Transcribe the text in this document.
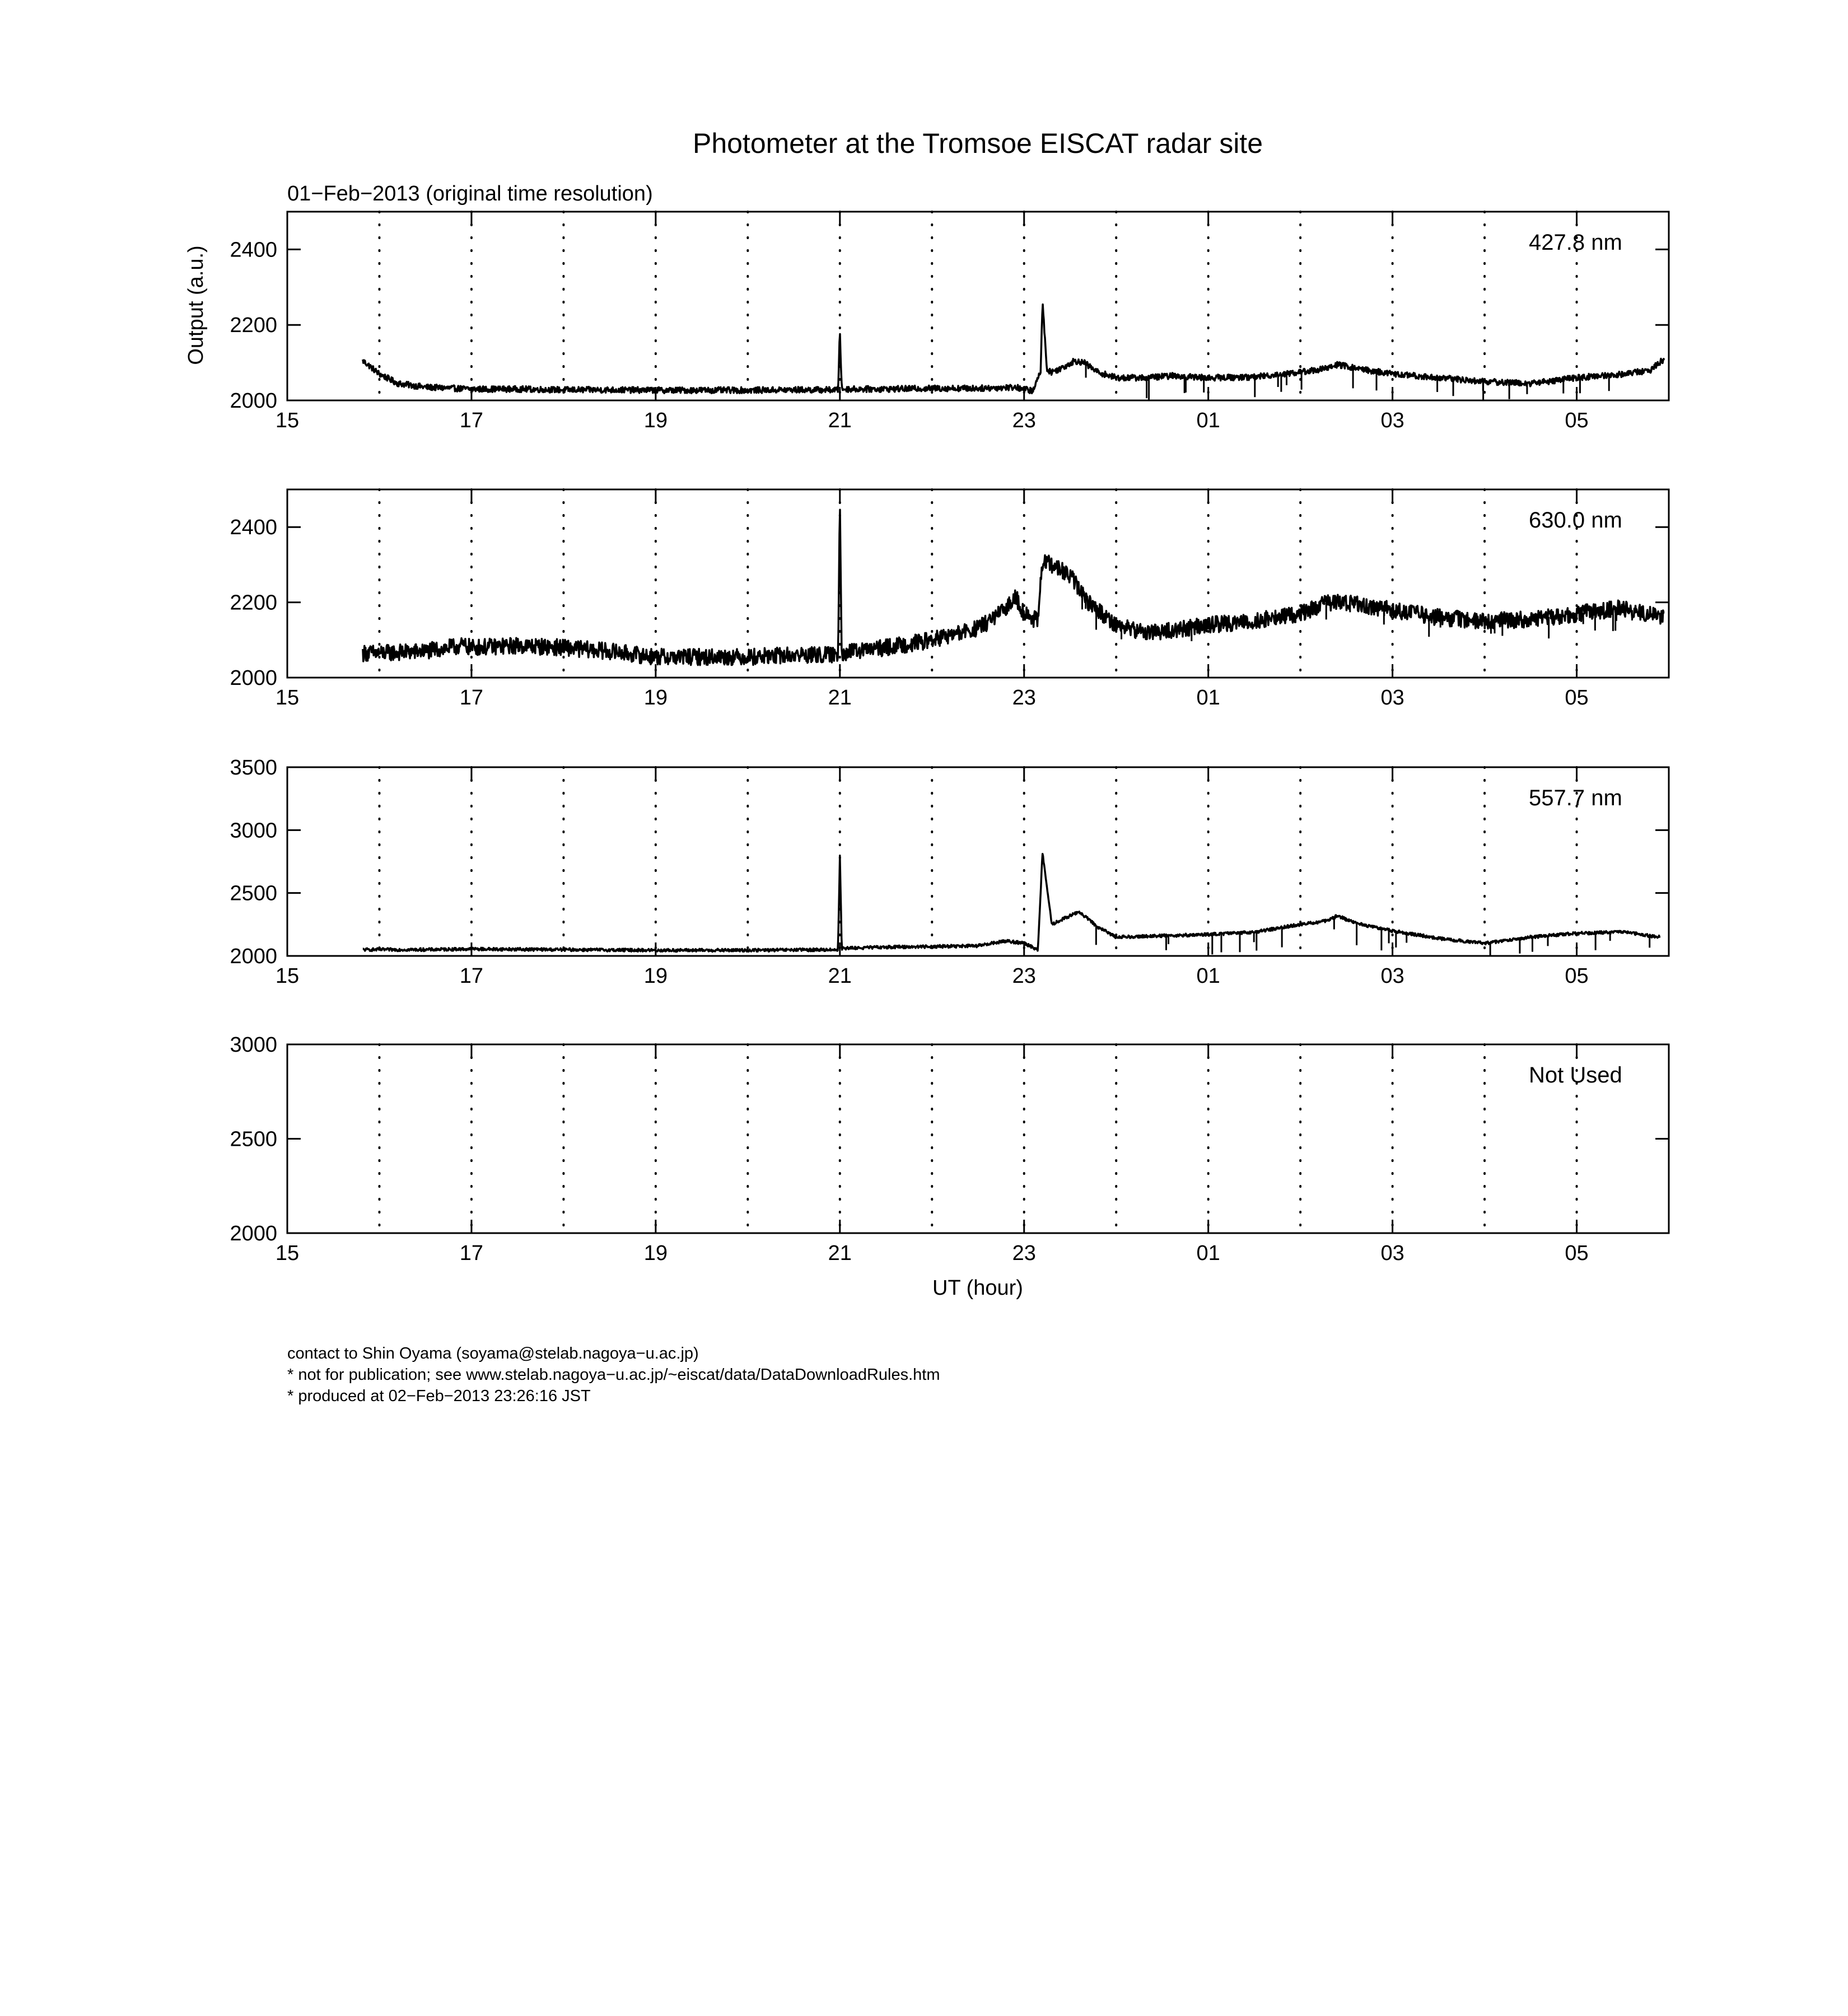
Photometer at the Tromsoe EISCAT radar site
01−Feb−2013 (original time resolution)
Output (a.u.)
UT (hour)
2000
2200
2400
15	17	19	21	23	01	03	05
427.8 nm
2000
2200
2400
15	17	19	21	23	01	03	05
630.0 nm
2000
2500
3000
3500
15	17	19	21	23	01	03	05
557.7 nm
2000
2500
3000
15	17	19	21	23	01	03	05
Not Used
contact to Shin Oyama (soyama@stelab.nagoya−u.ac.jp)
* not for publication; see www.stelab.nagoya−u.ac.jp/~eiscat/data/DataDownloadRules.htm
* produced at 02−Feb−2013 23:26:16 JST
